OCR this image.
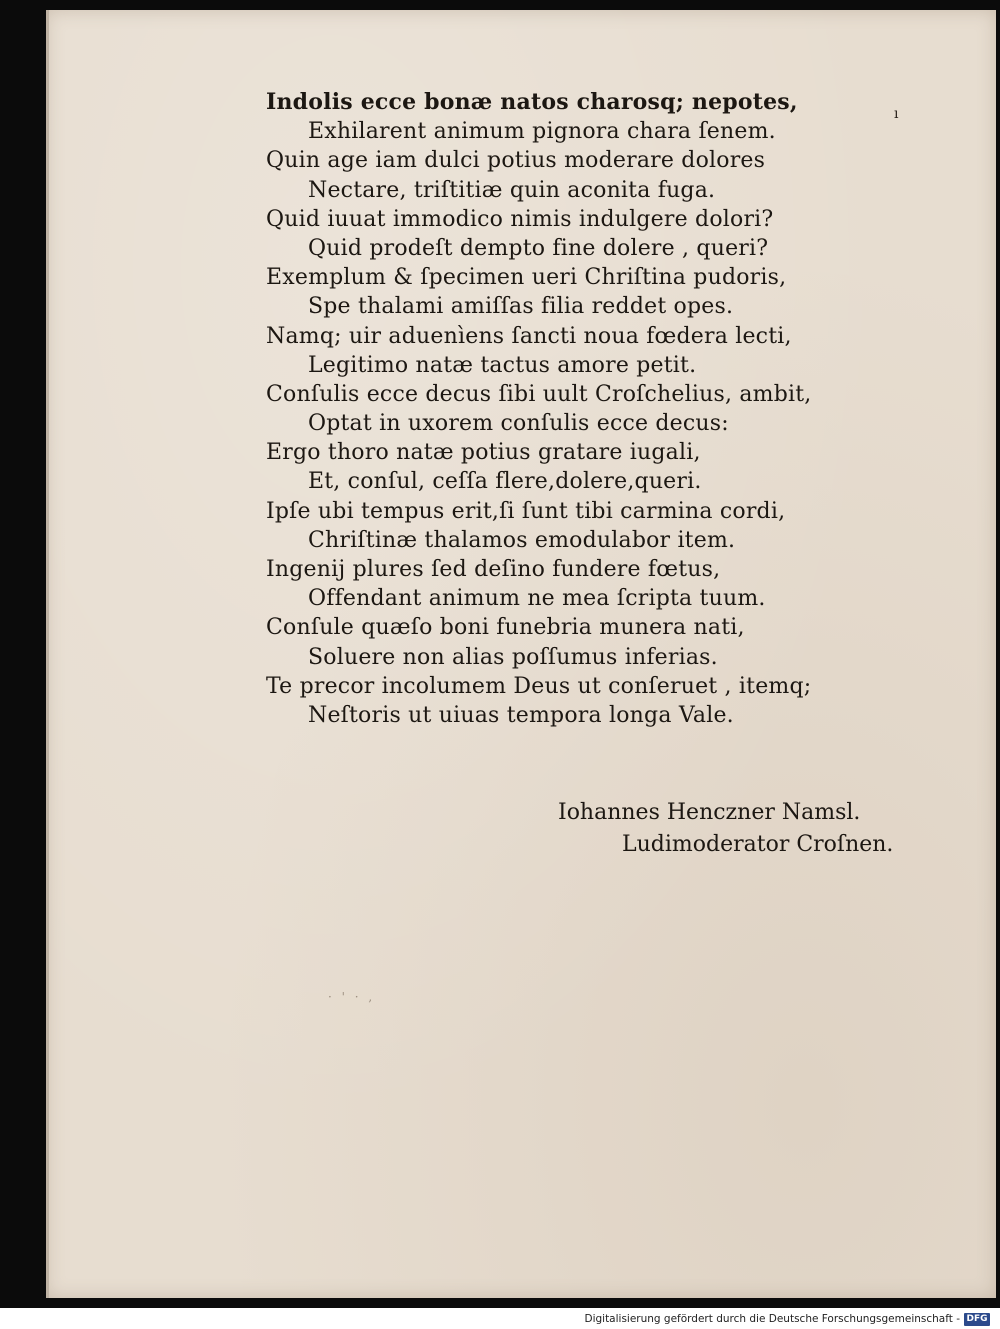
ı
Indolis ecce bonæ natos charosq; nepotes,
Exhilarent animum pignora chara ſenem.
Quin age iam dulci potius moderare dolores
Nectare, triſtitiæ quin aconita fuga.
Quid iuuat immodico nimis indulgere dolori?
Quid prodeſt dempto fine dolere , queri?
Exemplum & ſpecimen ueri Chriſtina pudoris,
Spe thalami amiſſas filia reddet opes.
Namq; uir aduenìens ſancti noua fœdera lecti,
Legitimo natæ tactus amore petit.
Conſulis ecce decus ſibi uult Croſchelius, ambit,
Optat in uxorem conſulis ecce decus:
Ergo thoro natæ potius gratare iugali,
Et, conſul, ceſſa flere,dolere,queri.
Ipſe ubi tempus erit,ſi ſunt tibi carmina cordi,
Chriſtinæ thalamos emodulabor item.
Ingenij plures ſed deſino fundere fœtus,
Offendant animum ne mea ſcripta tuum.
Conſule quæſo boni funebria munera nati,
Soluere non alias poſſumus inferias.
Te precor incolumem Deus ut conſeruet , itemq;
Neſtoris ut uiuas tempora longa Vale.
Iohannes Henczner Namsl.
Ludimoderator Croſnen.
· ' · ,
Digitalisierung gefördert durch die Deutsche Forschungsgemeinschaft - DFG
